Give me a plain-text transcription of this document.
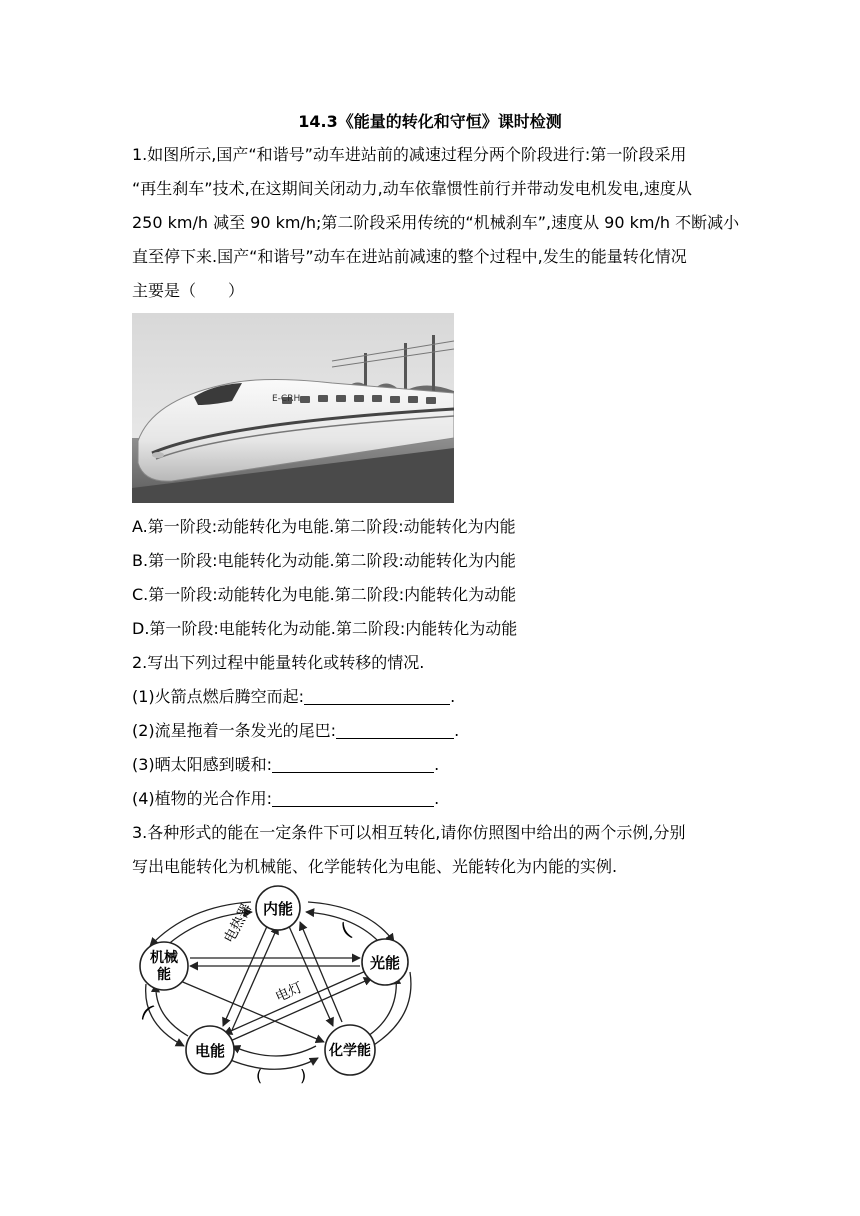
14.3《能量的转化和守恒》课时检测
1.如图所示,国产“和谐号”动车进站前的减速过程分两个阶段进行:第一阶段采用
“再生刹车”技术,在这期间关闭动力,动车依靠惯性前行并带动发电机发电,速度从
250 km/h 减至 90 km/h;第二阶段采用传统的“机械刹车”,速度从 90 km/h 不断减小
直至停下来.国产“和谐号”动车在进站前减速的整个过程中,发生的能量转化情况
主要是（　　）
E-CRH
A.第一阶段:动能转化为电能.第二阶段:动能转化为内能
B.第一阶段:电能转化为动能.第二阶段:动能转化为内能
C.第一阶段:动能转化为电能.第二阶段:内能转化为动能
D.第一阶段:电能转化为动能.第二阶段:内能转化为动能
2.写出下列过程中能量转化或转移的情况.
(1)火箭点燃后腾空而起:	.
(2)流星拖着一条发光的尾巴:	.
(3)晒太阳感到暖和:	.
(4)植物的光合作用:	.
3.各种形式的能在一定条件下可以相互转化,请你仿照图中给出的两个示例,分别
写出电能转化为机械能、化学能转化为电能、光能转化为内能的实例.
内能
机械
能
光能
电能	化学能
电热器
电灯
(
(
( )
